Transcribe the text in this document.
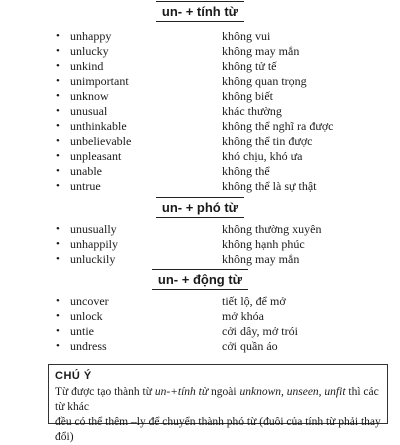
un- + tính từ
• unhappy	không vui
• unlucky	không may mắn
• unkind	không tử tế
• unimportant	không quan trọng
• unknow	không biết
• unusual	khác thường
• unthinkable	không thể nghĩ ra được
• unbelievable	không thể tin được
• unpleasant	khó chịu, khó ưa
• unable	không thể
• untrue	không thể là sự thật
un- + phó từ
• unusually	không thường xuyên
• unhappily	không hạnh phúc
• unluckily	không may mắn
un- + động từ
• uncover	tiết lộ, để mở
• unlock	mở khóa
• untie	cởi dây, mở trói
• undress	cởi quần áo
CHÚ Ý
Từ được tạo thành từ un-+tính từ ngoài unknown, unseen, unfit thì các từ khác
đều có thể thêm –ly để chuyển thành phó từ (đuôi của tính từ phải thay đổi)
